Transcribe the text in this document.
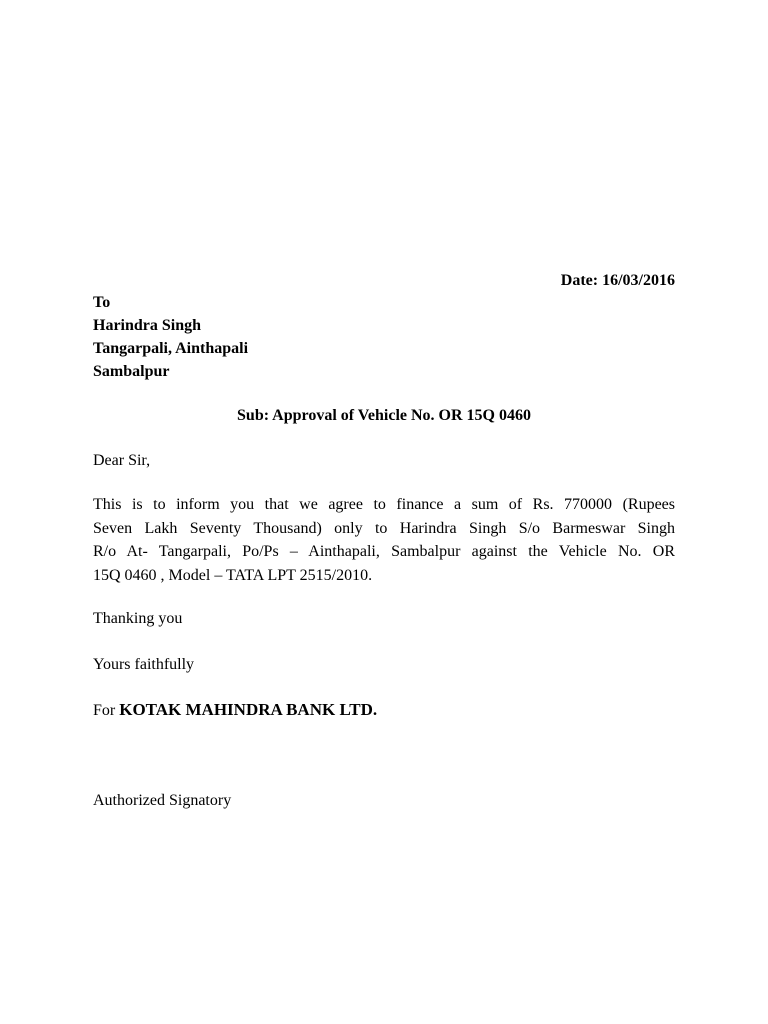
Date: 16/03/2016
To
Harindra Singh
Tangarpali, Ainthapali
Sambalpur
Sub: Approval of Vehicle No. OR 15Q 0460
Dear Sir,
This is to inform you that we agree to finance a sum of Rs. 770000 (Rupees
Seven Lakh Seventy Thousand) only to Harindra Singh S/o Barmeswar Singh
R/o At- Tangarpali, Po/Ps – Ainthapali, Sambalpur against the Vehicle No. OR
15Q 0460 , Model – TATA LPT 2515/2010.
Thanking you
Yours faithfully
For KOTAK MAHINDRA BANK LTD.
Authorized Signatory
